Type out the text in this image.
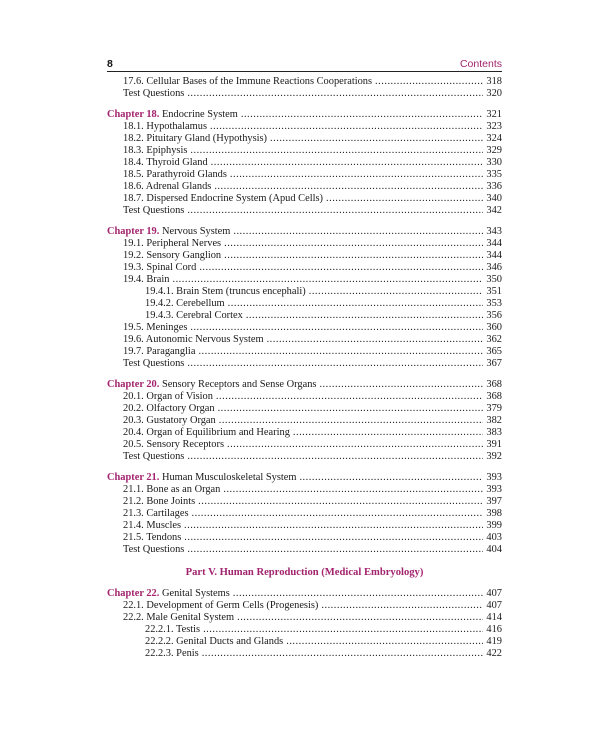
8	Contents
17.6. Cellular Bases of the Immune Reactions Cooperations .....	318
Test Questions .....	320
Chapter 18. Endocrine System .....	321
18.1. Hypothalamus .....	323
18.2. Pituitary Gland (Hypothysis) .....	324
18.3. Epiphysis .....	329
18.4. Thyroid Gland .....	330
18.5. Parathyroid Glands .....	335
18.6. Adrenal Glands .....	336
18.7. Dispersed Endocrine System (Apud Cells) .....	340
Test Questions .....	342
Chapter 19. Nervous System .....	343
19.1. Peripheral Nerves .....	344
19.2. Sensory Ganglion .....	344
19.3. Spinal Cord .....	346
19.4. Brain .....	350
19.4.1. Brain Stem (truncus encephali) .....	351
19.4.2. Cerebellum .....	353
19.4.3. Cerebral Cortex .....	356
19.5. Meninges .....	360
19.6. Autonomic Nervous System .....	362
19.7. Paraganglia .....	365
Test Questions .....	367
Chapter 20. Sensory Receptors and Sense Organs .....	368
20.1. Organ of Vision .....	368
20.2. Olfactory Organ .....	379
20.3. Gustatory Organ .....	382
20.4. Organ of Equilibrium and Hearing .....	383
20.5. Sensory Receptors .....	391
Test Questions .....	392
Chapter 21. Human Musculoskeletal System .....	393
21.1. Bone as an Organ .....	393
21.2. Bone Joints .....	397
21.3. Cartilages .....	398
21.4. Muscles .....	399
21.5. Tendons .....	403
Test Questions .....	404
Part V. Human Reproduction (Medical Embryology)
Chapter 22. Genital Systems .....	407
22.1. Development of Germ Cells (Progenesis) .....	407
22.2. Male Genital System .....	414
22.2.1. Testis .....	416
22.2.2. Genital Ducts and Glands .....	419
22.2.3. Penis .....	422
